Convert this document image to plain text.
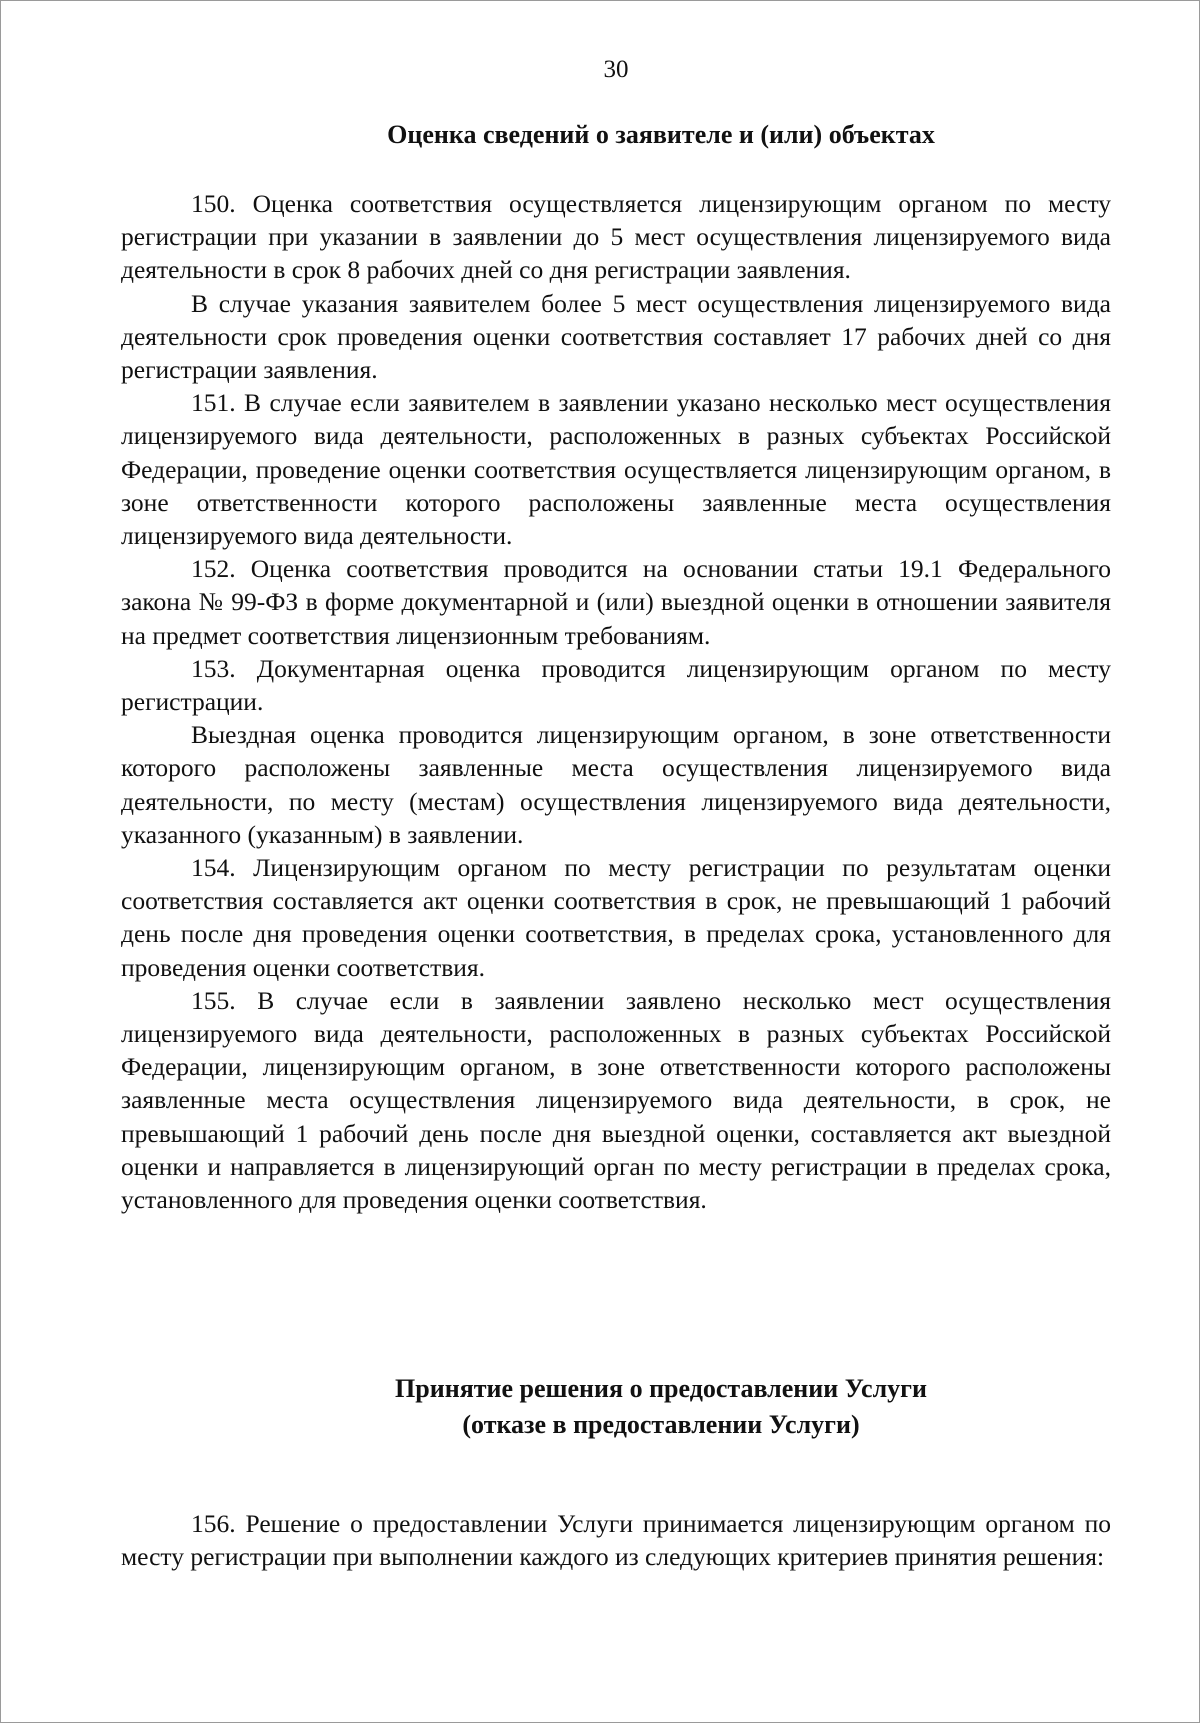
30
Оценка сведений о заявителе и (или) объектах

150. Оценка соответствия осуществляется лицензирующим органом по месту регистрации при указании в заявлении до 5 мест осуществления лицензируемого вида деятельности в срок 8 рабочих дней со дня регистрации заявления.

В случае указания заявителем более 5 мест осуществления лицензируемого вида деятельности срок проведения оценки соответствия составляет 17 рабочих дней со дня регистрации заявления.

151. В случае если заявителем в заявлении указано несколько мест осуществления лицензируемого вида деятельности, расположенных в разных субъектах Российской Федерации, проведение оценки соответствия осуществляется лицензирующим органом, в зоне ответственности которого расположены заявленные места осуществления лицензируемого вида деятельности.

152. Оценка соответствия проводится на основании статьи 19.1 Федерального закона № 99-ФЗ в форме документарной и (или) выездной оценки в отношении заявителя на предмет соответствия лицензионным требованиям.

153. Документарная оценка проводится лицензирующим органом по месту регистрации.

Выездная оценка проводится лицензирующим органом, в зоне ответственности которого расположены заявленные места осуществления лицензируемого вида деятельности, по месту (местам) осуществления лицензируемого вида деятельности, указанного (указанным) в заявлении.

154. Лицензирующим органом по месту регистрации по результатам оценки соответствия составляется акт оценки соответствия в срок, не превышающий 1 рабочий день после дня проведения оценки соответствия, в пределах срока, установленного для проведения оценки соответствия.

155. В случае если в заявлении заявлено несколько мест осуществления лицензируемого вида деятельности, расположенных в разных субъектах Российской Федерации, лицензирующим органом, в зоне ответственности которого расположены заявленные места осуществления лицензируемого вида деятельности, в срок, не превышающий 1 рабочий день после дня выездной оценки, составляется акт выездной оценки и направляется в лицензирующий орган по месту регистрации в пределах срока, установленного для проведения оценки соответствия.

Принятие решения о предоставлении Услуги
(отказе в предоставлении Услуги)

156. Решение о предоставлении Услуги принимается лицензирующим органом по месту регистрации при выполнении каждого из следующих критериев принятия решения:
